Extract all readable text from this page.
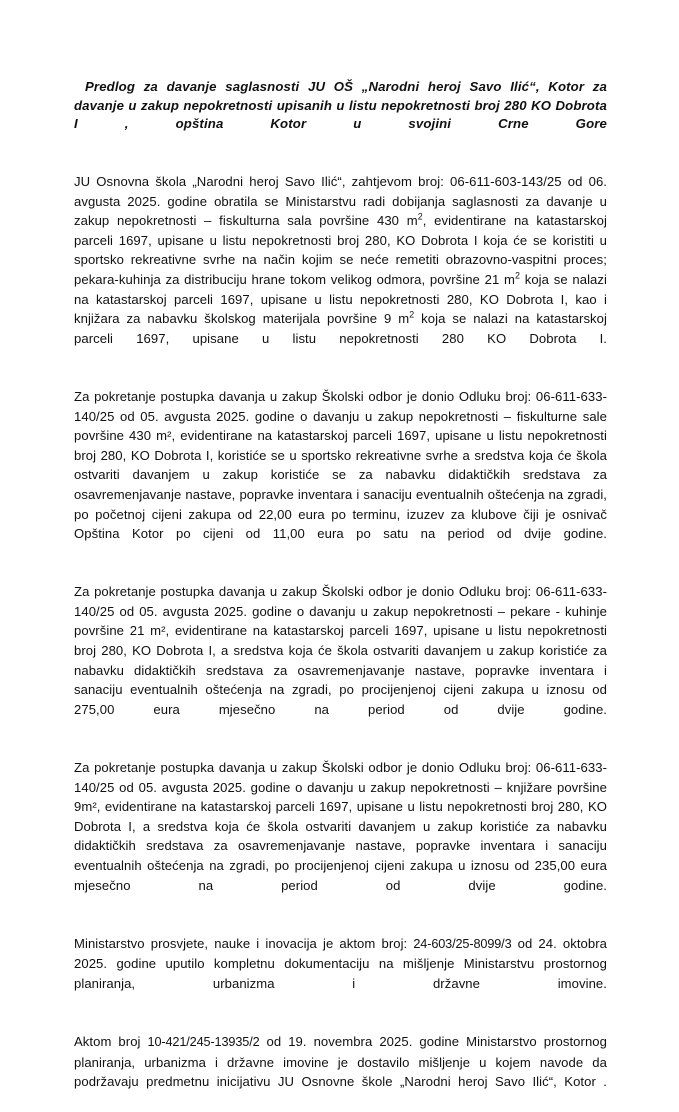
Predlog za davanje saglasnosti JU OŠ „Narodni heroj Savo Ilić“, Kotor za davanje u zakup nepokretnosti upisanih u listu nepokretnosti broj 280 KO Dobrota I , opština Kotor u svojini Crne Gore

JU Osnovna škola „Narodni heroj Savo Ilić“, zahtjevom broj: 06-611-603-143/25 od 06. avgusta 2025. godine obratila se Ministarstvu radi dobijanja saglasnosti za davanje u zakup nepokretnosti – fiskulturna sala površine 430 $m^2$, evidentirane na katastarskoj parceli 1697, upisane u listu nepokretnosti broj 280, KO Dobrota I koja će se koristiti u sportsko rekreativne svrhe na način kojim se neće remetiti obrazovno-vaspitni proces; pekara-kuhinja za distribuciju hrane tokom velikog odmora, površine 21 $m^2$ koja se nalazi na katastarskoj parceli 1697, upisane u listu nepokretnosti 280, KO Dobrota I, kao i knjižara za nabavku školskog materijala površine 9 $m^2$ koja se nalazi na katastarskoj parceli 1697, upisane u listu nepokretnosti 280 KO Dobrota I.

Za pokretanje postupka davanja u zakup Školski odbor je donio Odluku broj: 06-611-633-140/25 od 05. avgusta 2025. godine o davanju u zakup nepokretnosti – fiskulturne sale površine 430 m², evidentirane na katastarskoj parceli 1697, upisane u listu nepokretnosti broj 280, KO Dobrota I, koristiće se u sportsko rekreativne svrhe a sredstva koja će škola ostvariti davanjem u zakup koristiće se za nabavku didaktičkih sredstava za osavremenjavanje nastave, popravke inventara i sanaciju eventualnih oštećenja na zgradi, po početnoj cijeni zakupa od 22,00 eura po terminu, izuzev za klubove čiji je osnivač Opština Kotor po cijeni od 11,00 eura po satu na period od dvije godine.

Za pokretanje postupka davanja u zakup Školski odbor je donio Odluku broj: 06-611-633-140/25 od 05. avgusta 2025. godine o davanju u zakup nepokretnosti – pekare - kuhinje površine 21 m², evidentirane na katastarskoj parceli 1697, upisane u listu nepokretnosti broj 280, KO Dobrota I, a sredstva koja će škola ostvariti davanjem u zakup koristiće za nabavku didaktičkih sredstava za osavremenjavanje nastave, popravke inventara i sanaciju eventualnih oštećenja na zgradi, po procijenjenoj cijeni zakupa u iznosu od 275,00 eura mjesečno na period od dvije godine.

Za pokretanje postupka davanja u zakup Školski odbor je donio Odluku broj: 06-611-633-140/25 od 05. avgusta 2025. godine o davanju u zakup nepokretnosti – knjižare površine 9m², evidentirane na katastarskoj parceli 1697, upisane u listu nepokretnosti broj 280, KO Dobrota I, a sredstva koja će škola ostvariti davanjem u zakup koristiće za nabavku didaktičkih sredstava za osavremenjavanje nastave, popravke inventara i sanaciju eventualnih oštećenja na zgradi, po procijenjenoj cijeni zakupa u iznosu od 235,00 eura mjesečno na period od dvije godine.

Ministarstvo prosvjete, nauke i inovacija je aktom broj: 24-603/25-8099/3 od 24. oktobra 2025. godine uputilo kompletnu dokumentaciju na mišljenje Ministarstvu prostornog planiranja, urbanizma i državne imovine.

Aktom broj 10-421/245-13935/2 od 19. novembra 2025. godine Ministarstvo prostornog planiranja, urbanizma i državne imovine je dostavilo mišljenje u kojem navode da podržavaju predmetnu inicijativu JU Osnovne škole „Narodni heroj Savo Ilić“, Kotor .
